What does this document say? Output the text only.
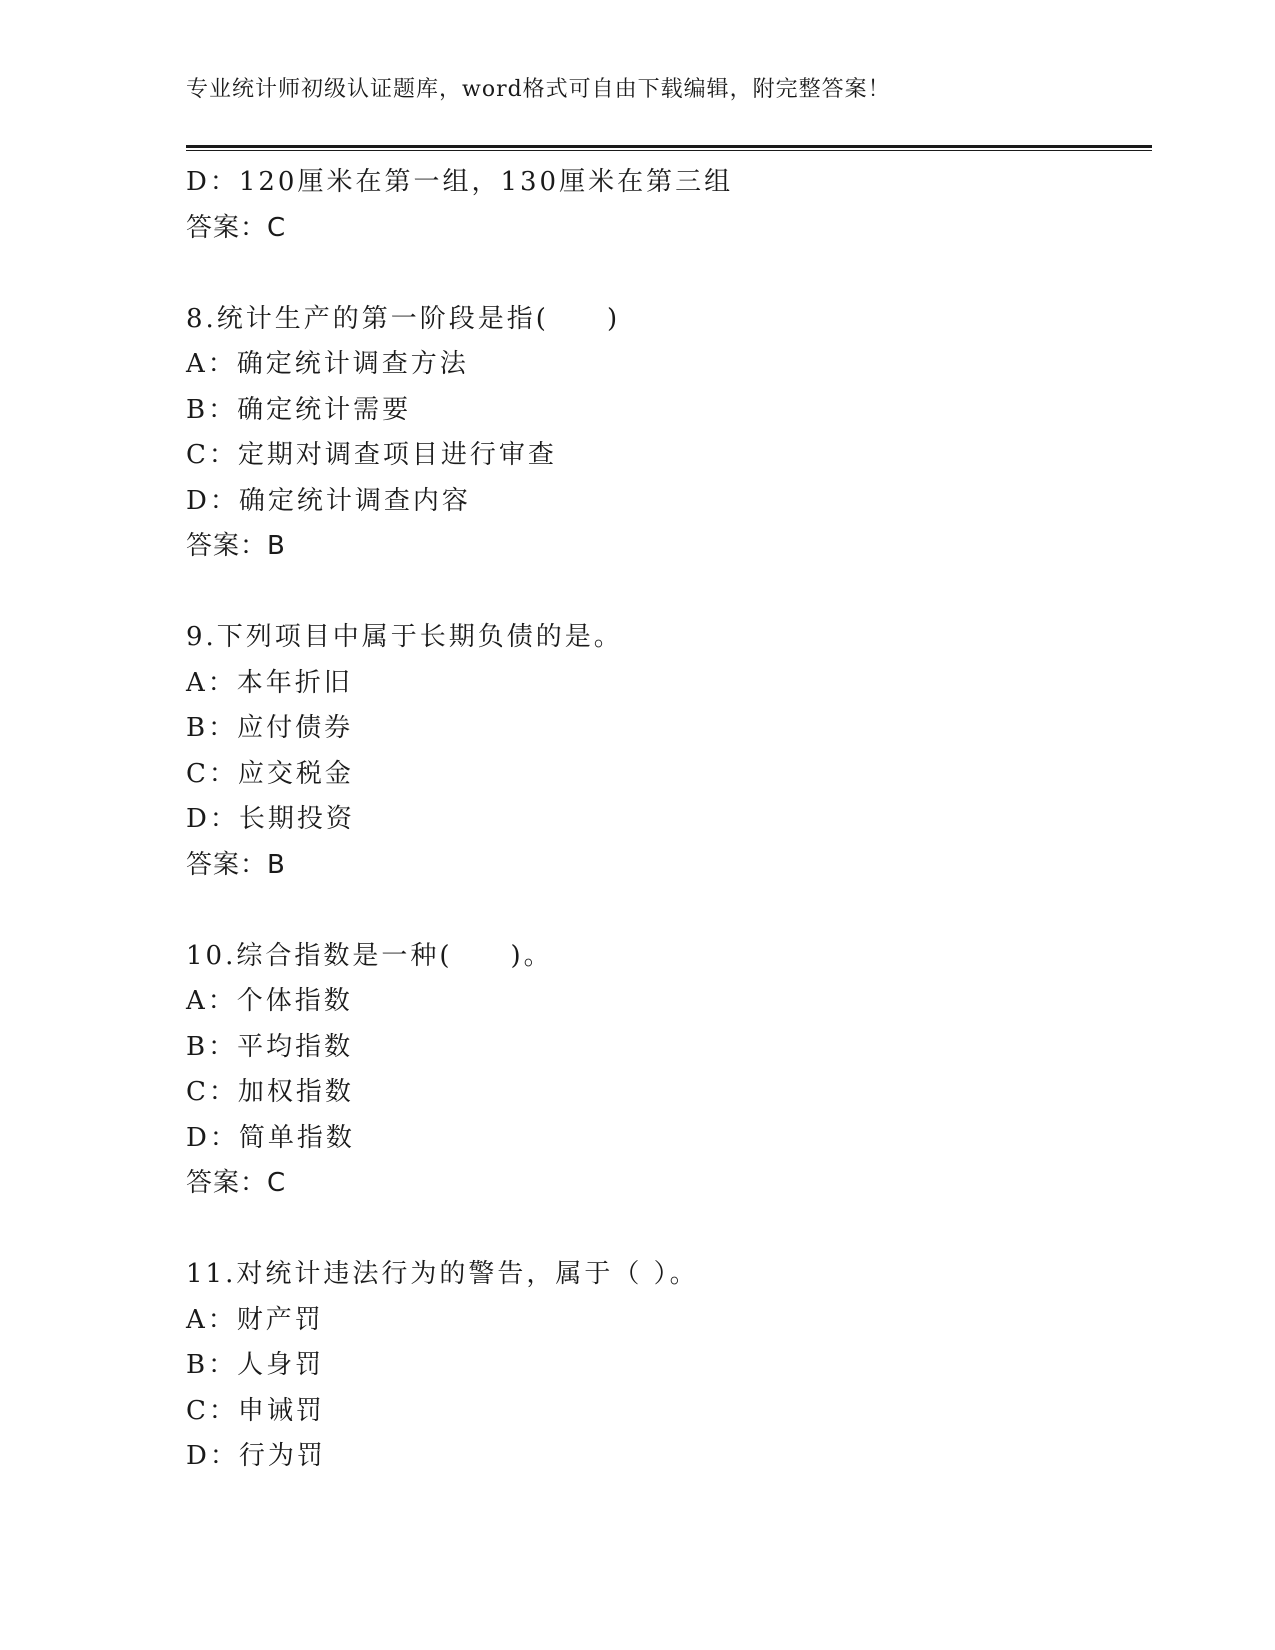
专业统计师初级认证题库，word格式可自由下载编辑，附完整答案！
D：120厘米在第一组，130厘米在第三组
答案：C
8.统计生产的第一阶段是指(　　)
A：确定统计调查方法
B：确定统计需要
C：定期对调查项目进行审查
D：确定统计调查内容
答案：B
9.下列项目中属于长期负债的是。
A：本年折旧
B：应付债券
C：应交税金
D：长期投资
答案：B
10.综合指数是一种(　　)。
A：个体指数
B：平均指数
C：加权指数
D：简单指数
答案：C
11.对统计违法行为的警告，属于（ ）。
A：财产罚
B：人身罚
C：申诫罚
D：行为罚
